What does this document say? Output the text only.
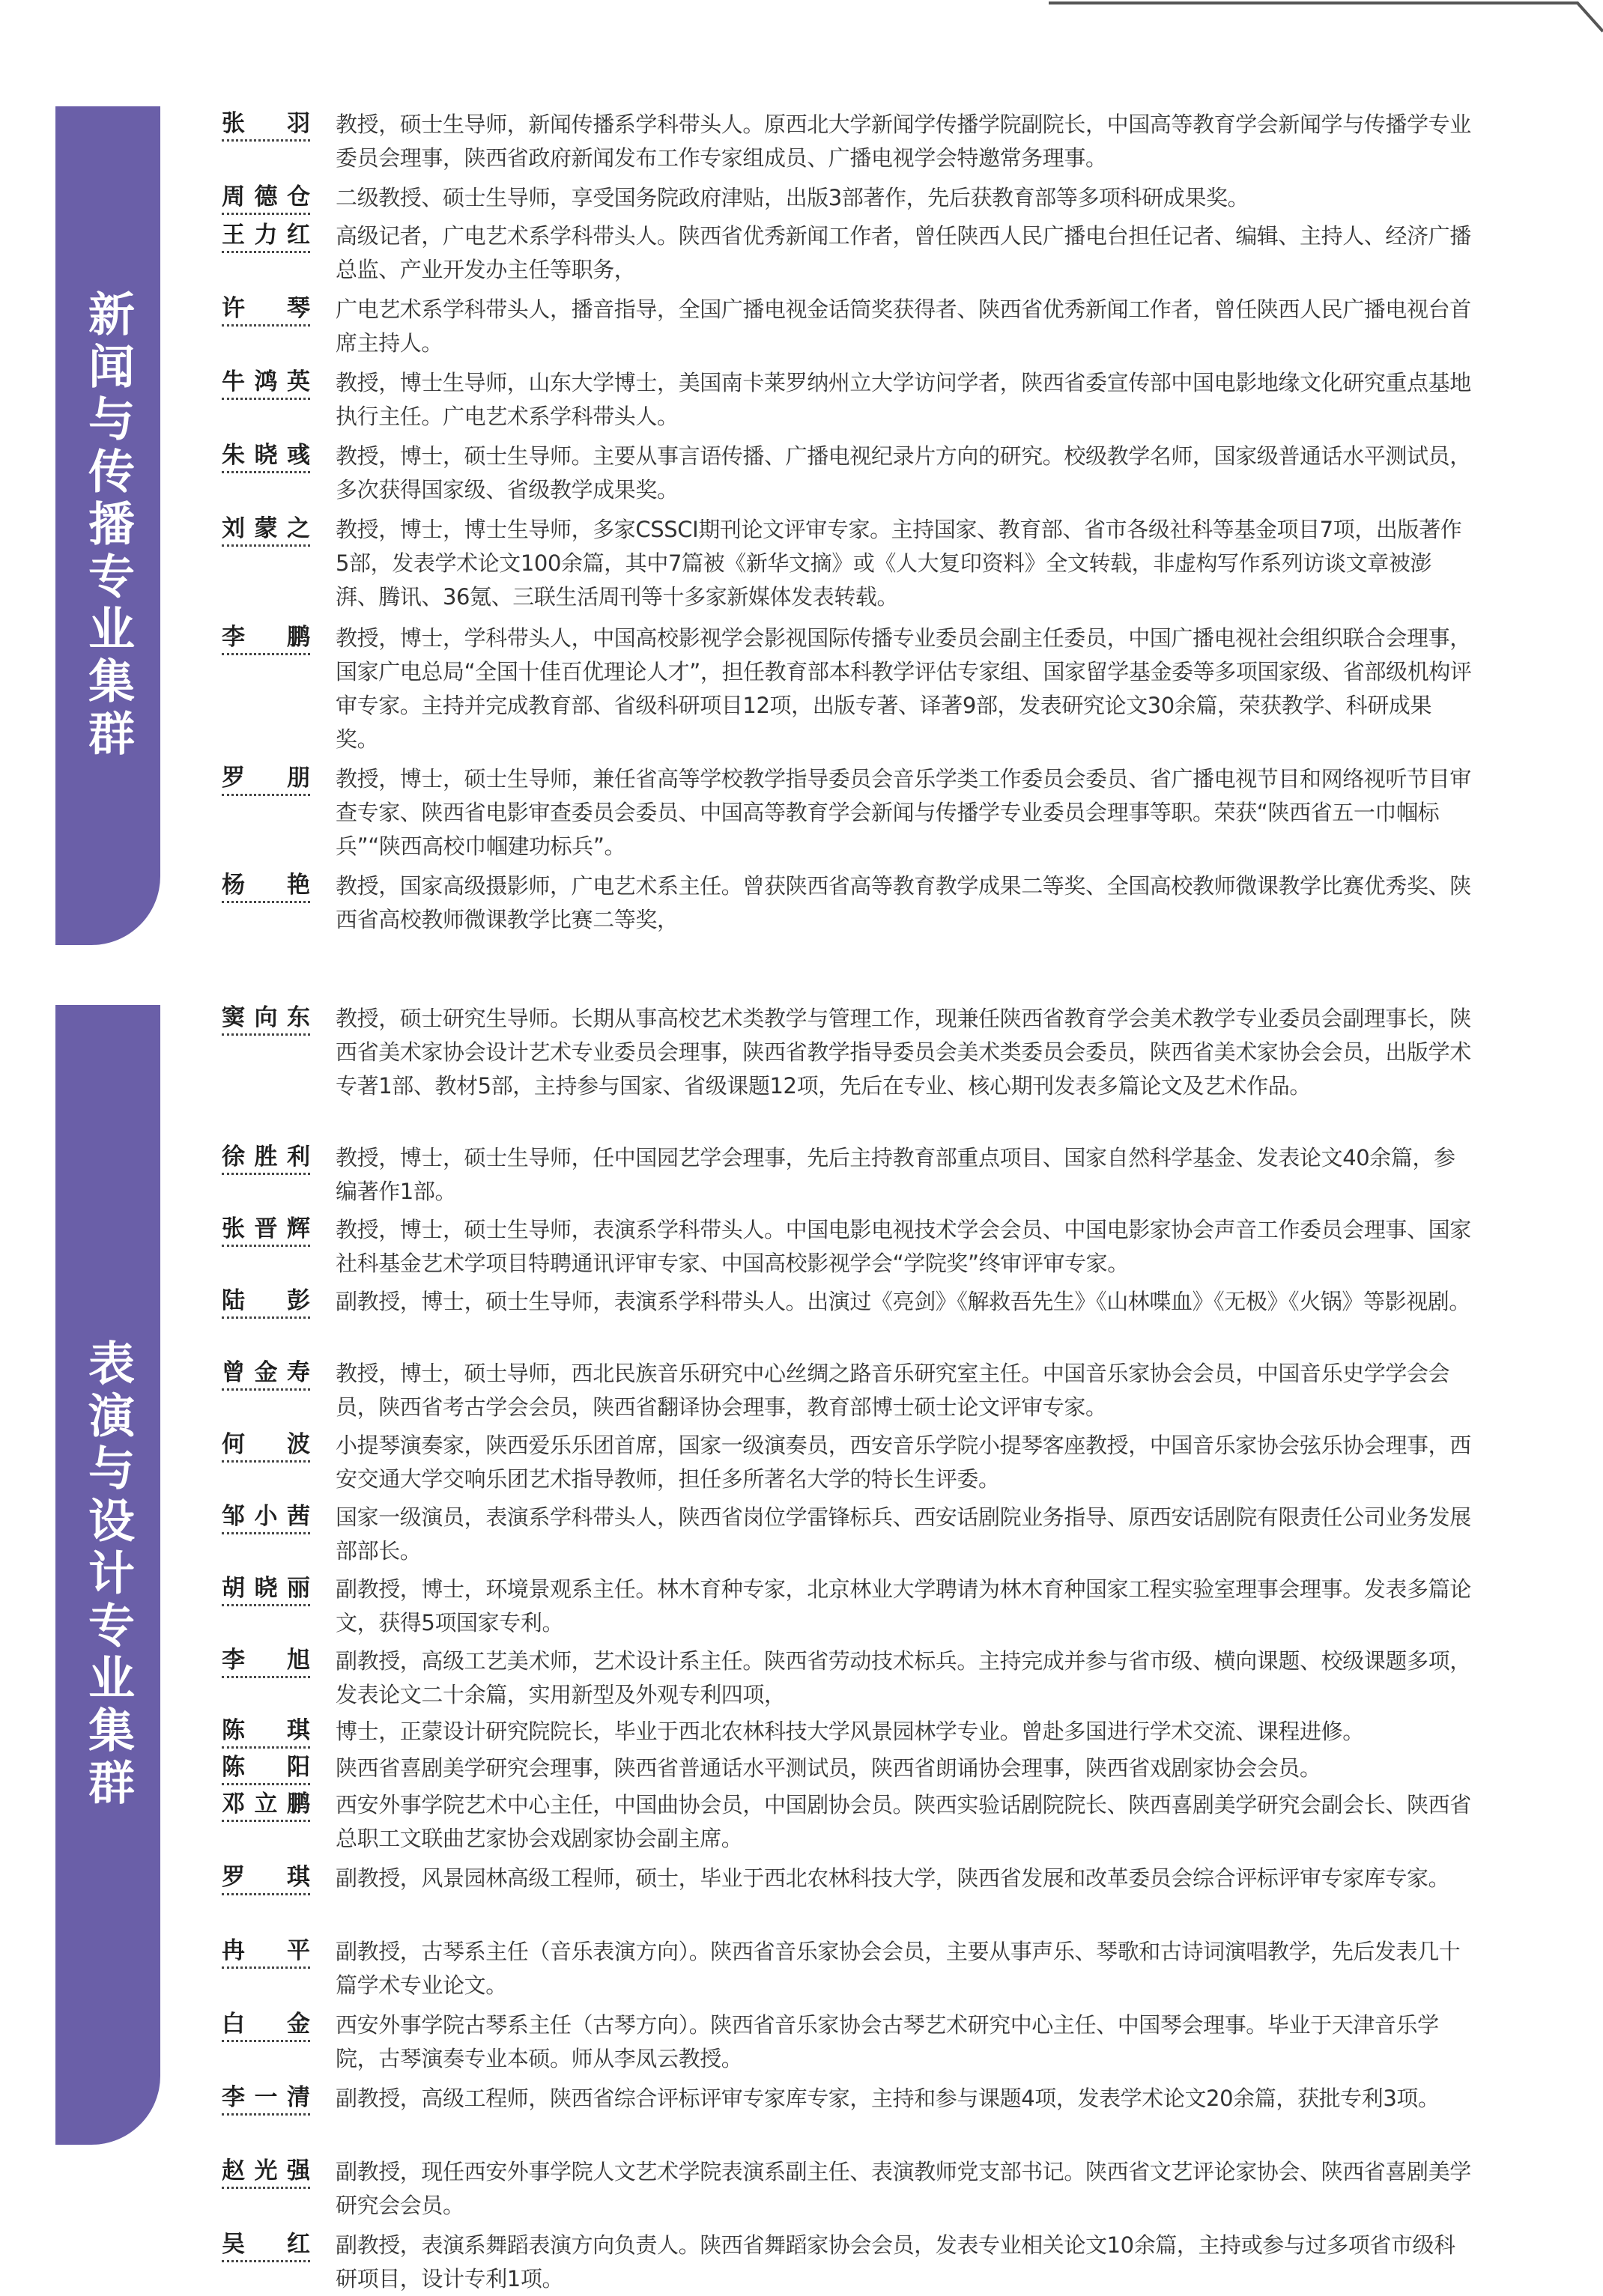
新闻与传播专业集群
表演与设计专业集群
张　羽 教授，硕士生导师，新闻传播系学科带头人。原西北大学新闻学传播学院副院长，中国高等教育学会新闻学与传播学专业委员会理事，陕西省政府新闻发布工作专家组成员、广播电视学会特邀常务理事。
周德仓 二级教授、硕士生导师，享受国务院政府津贴，出版3部著作，先后获教育部等多项科研成果奖。
王力红 高级记者，广电艺术系学科带头人。陕西省优秀新闻工作者，曾任陕西人民广播电台担任记者、编辑、主持人、经济广播总监、产业开发办主任等职务，
许　琴 广电艺术系学科带头人，播音指导，全国广播电视金话筒奖获得者、陕西省优秀新闻工作者，曾任陕西人民广播电视台首席主持人。
牛鸿英 教授，博士生导师，山东大学博士，美国南卡莱罗纳州立大学访问学者，陕西省委宣传部中国电影地缘文化研究重点基地执行主任。广电艺术系学科带头人。
朱晓彧 教授，博士，硕士生导师。主要从事言语传播、广播电视纪录片方向的研究。校级教学名师，国家级普通话水平测试员，多次获得国家级、省级教学成果奖。
刘蒙之 教授，博士，博士生导师，多家CSSCI期刊论文评审专家。主持国家、教育部、省市各级社科等基金项目7项，出版著作5部，发表学术论文100余篇，其中7篇被《新华文摘》或《人大复印资料》全文转载，非虚构写作系列访谈文章被澎湃、腾讯、36氪、三联生活周刊等十多家新媒体发表转载。
李　鹏 教授，博士，学科带头人，中国高校影视学会影视国际传播专业委员会副主任委员，中国广播电视社会组织联合会理事，国家广电总局“全国十佳百优理论人才”，担任教育部本科教学评估专家组、国家留学基金委等多项国家级、省部级机构评审专家。主持并完成教育部、省级科研项目12项，出版专著、译著9部，发表研究论文30余篇，荣获教学、科研成果奖。
罗　朋 教授，博士，硕士生导师，兼任省高等学校教学指导委员会音乐学类工作委员会委员、省广播电视节目和网络视听节目审查专家、陕西省电影审查委员会委员、中国高等教育学会新闻与传播学专业委员会理事等职。荣获“陕西省五一巾帼标兵”“陕西高校巾帼建功标兵”。
杨　艳 教授，国家高级摄影师，广电艺术系主任。曾获陕西省高等教育教学成果二等奖、全国高校教师微课教学比赛优秀奖、陕西省高校教师微课教学比赛二等奖，
窦向东 教授，硕士研究生导师。长期从事高校艺术类教学与管理工作，现兼任陕西省教育学会美术教学专业委员会副理事长，陕西省美术家协会设计艺术专业委员会理事，陕西省教学指导委员会美术类委员会委员，陕西省美术家协会会员，出版学术专著1部、教材5部，主持参与国家、省级课题12项，先后在专业、核心期刊发表多篇论文及艺术作品。
徐胜利 教授，博士，硕士生导师，任中国园艺学会理事，先后主持教育部重点项目、国家自然科学基金、发表论文40余篇，参编著作1部。
张晋辉 教授，博士，硕士生导师，表演系学科带头人。中国电影电视技术学会会员、中国电影家协会声音工作委员会理事、国家社科基金艺术学项目特聘通讯评审专家、中国高校影视学会“学院奖”终审评审专家。
陆　彭 副教授，博士，硕士生导师，表演系学科带头人。出演过《亮剑》《解救吾先生》《山林喋血》《无极》《火锅》等影视剧。
曾金寿 教授，博士，硕士导师，西北民族音乐研究中心丝绸之路音乐研究室主任。中国音乐家协会会员，中国音乐史学学会会员，陕西省考古学会会员，陕西省翻译协会理事，教育部博士硕士论文评审专家。
何　波 小提琴演奏家，陕西爱乐乐团首席，国家一级演奏员，西安音乐学院小提琴客座教授，中国音乐家协会弦乐协会理事，西安交通大学交响乐团艺术指导教师，担任多所著名大学的特长生评委。
邹小茜 国家一级演员，表演系学科带头人，陕西省岗位学雷锋标兵、西安话剧院业务指导、原西安话剧院有限责任公司业务发展部部长。
胡晓丽 副教授，博士，环境景观系主任。林木育种专家，北京林业大学聘请为林木育种国家工程实验室理事会理事。发表多篇论文，获得5项国家专利。
李　旭 副教授，高级工艺美术师，艺术设计系主任。陕西省劳动技术标兵。主持完成并参与省市级、横向课题、校级课题多项，发表论文二十余篇，实用新型及外观专利四项，
陈　琪 博士，正蒙设计研究院院长，毕业于西北农林科技大学风景园林学专业。曾赴多国进行学术交流、课程进修。
陈　阳 陕西省喜剧美学研究会理事，陕西省普通话水平测试员，陕西省朗诵协会理事，陕西省戏剧家协会会员。
邓立鹏 西安外事学院艺术中心主任，中国曲协会员，中国剧协会员。陕西实验话剧院院长、陕西喜剧美学研究会副会长、陕西省总职工文联曲艺家协会戏剧家协会副主席。
罗　琪 副教授，风景园林高级工程师，硕士，毕业于西北农林科技大学，陕西省发展和改革委员会综合评标评审专家库专家。
冉　平 副教授，古琴系主任（音乐表演方向）。陕西省音乐家协会会员，主要从事声乐、琴歌和古诗词演唱教学，先后发表几十篇学术专业论文。
白　金 西安外事学院古琴系主任（古琴方向）。陕西省音乐家协会古琴艺术研究中心主任、中国琴会理事。毕业于天津音乐学院，古琴演奏专业本硕。师从李凤云教授。
李一清 副教授，高级工程师，陕西省综合评标评审专家库专家，主持和参与课题4项，发表学术论文20余篇，获批专利3项。
赵光强 副教授，现任西安外事学院人文艺术学院表演系副主任、表演教师党支部书记。陕西省文艺评论家协会、陕西省喜剧美学研究会会员。
吴　红 副教授，表演系舞蹈表演方向负责人。陕西省舞蹈家协会会员，发表专业相关论文10余篇，主持或参与过多项省市级科研项目，设计专利1项。
